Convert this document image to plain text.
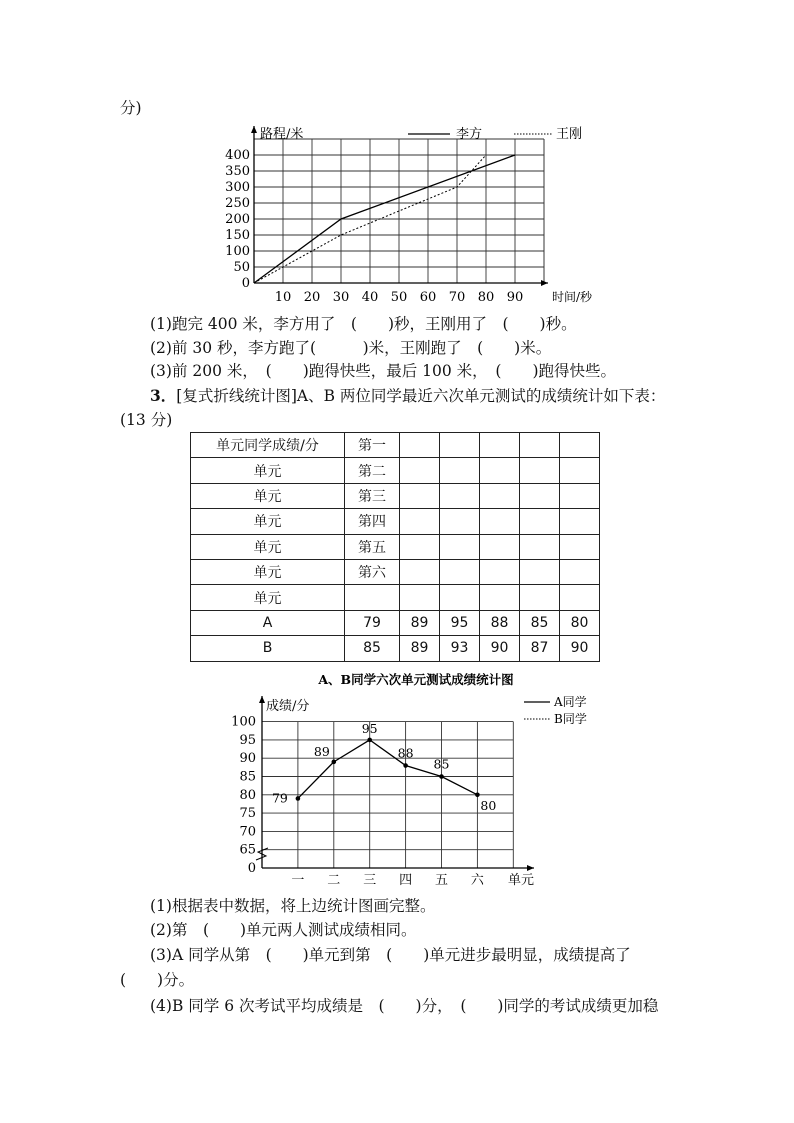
分)
0
50
100
150
200
250
300
350
400
10 20 30 40 50 60 70 80 90
路程/米
时间/秒
李方	王刚
(1)跑完 400 米，李方用了　(　　)秒，王刚用了　(　　)秒。
(2)前 30 秒，李方跑了(　　　)米，王刚跑了　(　　)米。
(3)前 200 米，　(　　)跑得快些，最后 100 米，　(　　)跑得快些。
3．[复式折线统计图]A、B 两位同学最近六次单元测试的成绩统计如下表：
(13 分)
单元同学成绩/分	第一					
单元	第二					
单元	第三					
单元	第四					
单元	第五					
单元	第六					
单元						
A	79	89	95	88	85	80
B	85	89	93	90	87	90
A、B同学六次单元测试成绩统计图
0
65
70
75
80
85
90
95
100
一 二 三 四 五 六
成绩/分
单元
A同学
B同学
79
89
95
88
85
80
(1)根据表中数据，将上边统计图画完整。
(2)第　(　　)单元两人测试成绩相同。
(3)A 同学从第　(　　)单元到第　(　　)单元进步最明显，成绩提高了
(　　)分。
(4)B 同学 6 次考试平均成绩是　(　　)分，　(　　)同学的考试成绩更加稳
